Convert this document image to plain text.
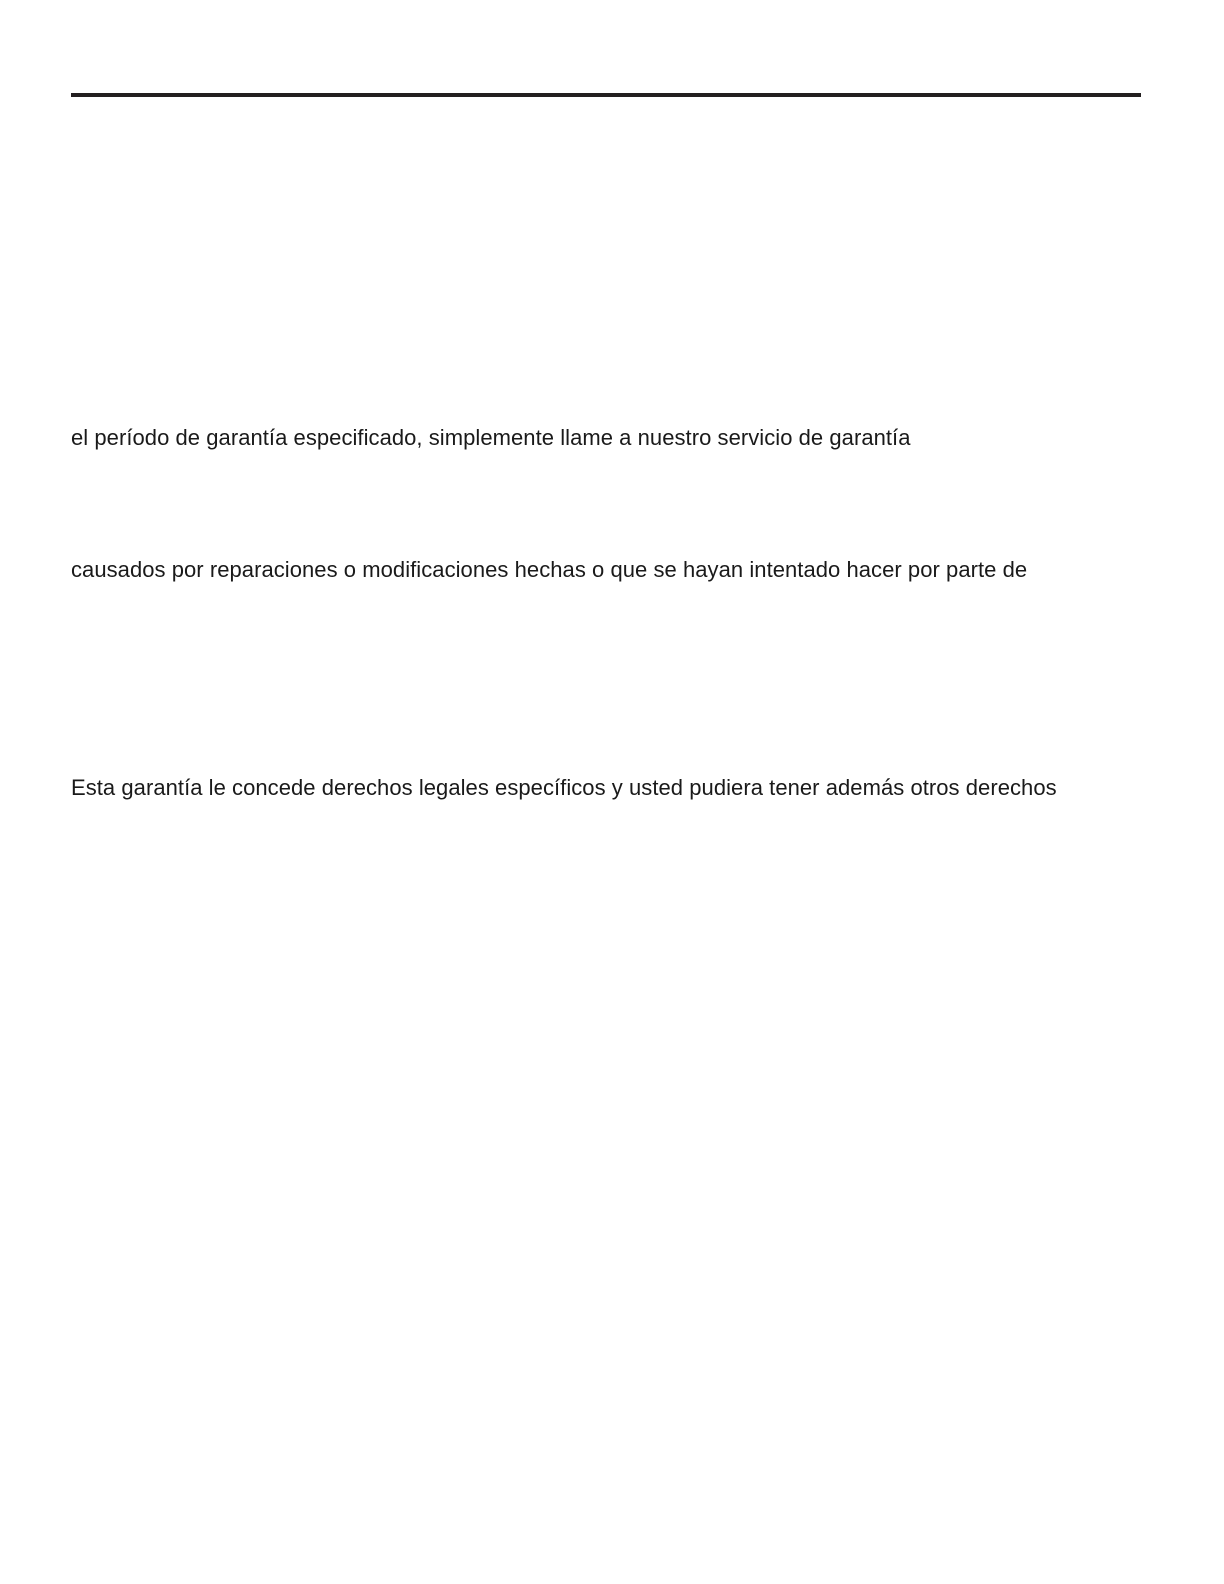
el período de garantía especificado, simplemente llame a nuestro servicio de garantía
causados por reparaciones o modificaciones hechas o que se hayan intentado hacer por parte de
Esta garantía le concede derechos legales específicos y usted pudiera tener además otros derechos
